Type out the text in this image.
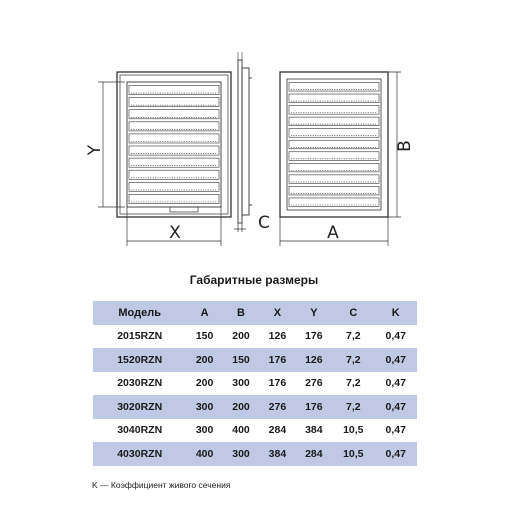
Y
X	C
B
A
Габаритные размеры
Модель	A	B	X	Y	C	K
2015RZN	150	200	126	176	7,2	0,47
1520RZN	200	150	176	126	7,2	0,47
2030RZN	200	300	176	276	7,2	0,47
3020RZN	300	200	276	176	7,2	0,47
3040RZN	300	400	284	384	10,5	0,47
4030RZN	400	300	384	284	10,5	0,47
K — Коэффициент живого сечения
